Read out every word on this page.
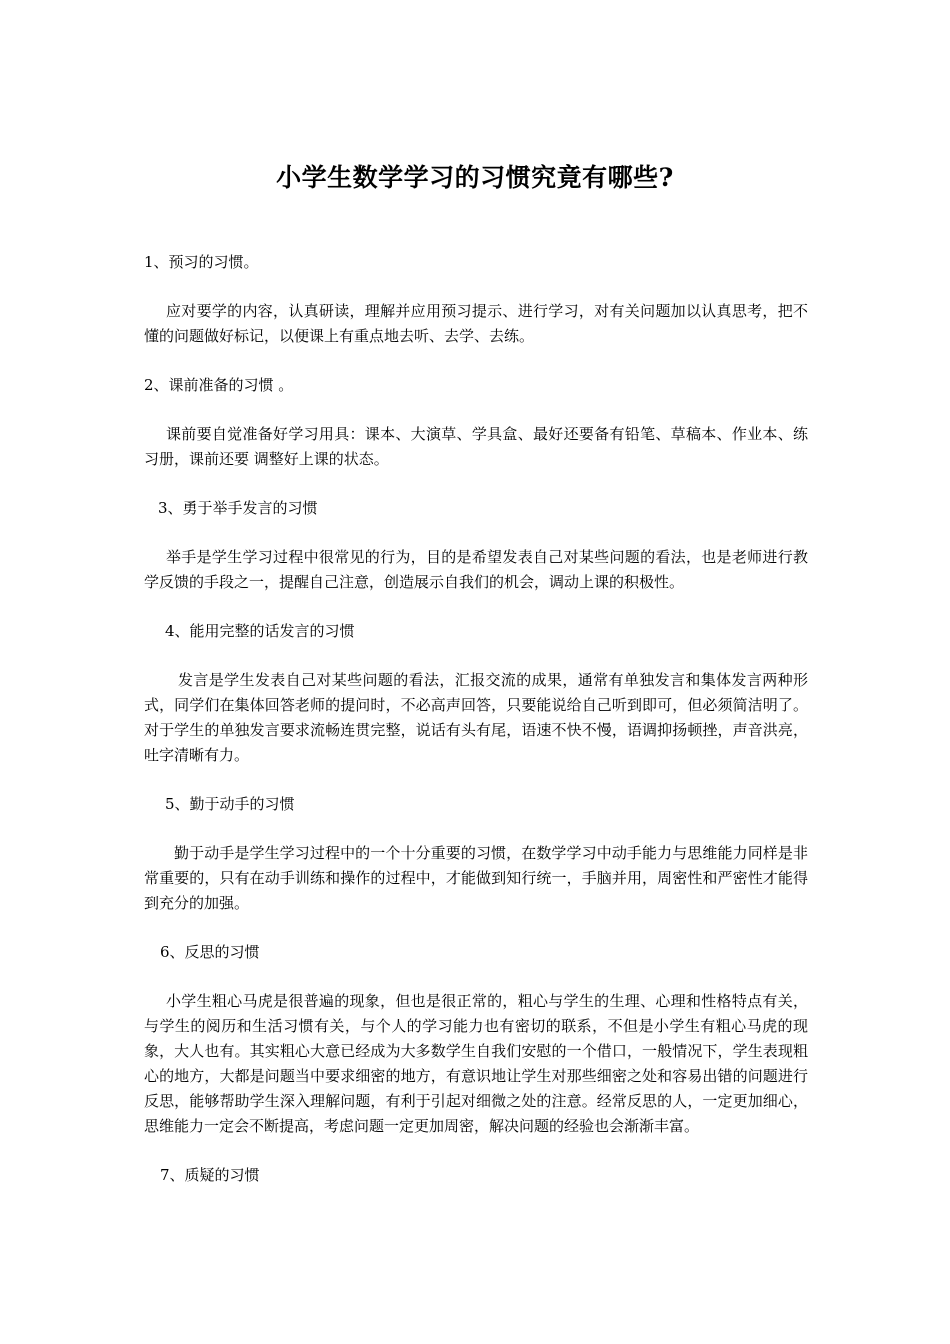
小学生数学学习的习惯究竟有哪些?

1、预习的习惯。

应对要学的内容，认真研读，理解并应用预习提示、进行学习，对有关问题加以认真思考，把不懂的问题做好标记，以便课上有重点地去听、去学、去练。

2、课前准备的习惯 。

课前要自觉准备好学习用具：课本、大演草、学具盒、最好还要备有铅笔、草稿本、作业本、练习册，课前还要 调整好上课的状态。

3、勇于举手发言的习惯

举手是学生学习过程中很常见的行为，目的是希望发表自己对某些问题的看法，也是老师进行教学反馈的手段之一，提醒自己注意，创造展示自我们的机会，调动上课的积极性。

4、能用完整的话发言的习惯

发言是学生发表自己对某些问题的看法，汇报交流的成果，通常有单独发言和集体发言两种形式，同学们在集体回答老师的提问时，不必高声回答，只要能说给自己听到即可，但必须简洁明了。对于学生的单独发言要求流畅连贯完整，说话有头有尾，语速不快不慢，语调抑扬顿挫，声音洪亮，吐字清晰有力。

5、勤于动手的习惯

勤于动手是学生学习过程中的一个十分重要的习惯，在数学学习中动手能力与思维能力同样是非常重要的，只有在动手训练和操作的过程中，才能做到知行统一，手脑并用，周密性和严密性才能得到充分的加强。

6、反思的习惯

小学生粗心马虎是很普遍的现象，但也是很正常的，粗心与学生的生理、心理和性格特点有关，与学生的阅历和生活习惯有关，与个人的学习能力也有密切的联系，不但是小学生有粗心马虎的现象，大人也有。其实粗心大意已经成为大多数学生自我们安慰的一个借口，一般情况下，学生表现粗心的地方，大都是问题当中要求细密的地方，有意识地让学生对那些细密之处和容易出错的问题进行反思，能够帮助学生深入理解问题，有利于引起对细微之处的注意。经常反思的人，一定更加细心，思维能力一定会不断提高，考虑问题一定更加周密，解决问题的经验也会渐渐丰富。

7、质疑的习惯
